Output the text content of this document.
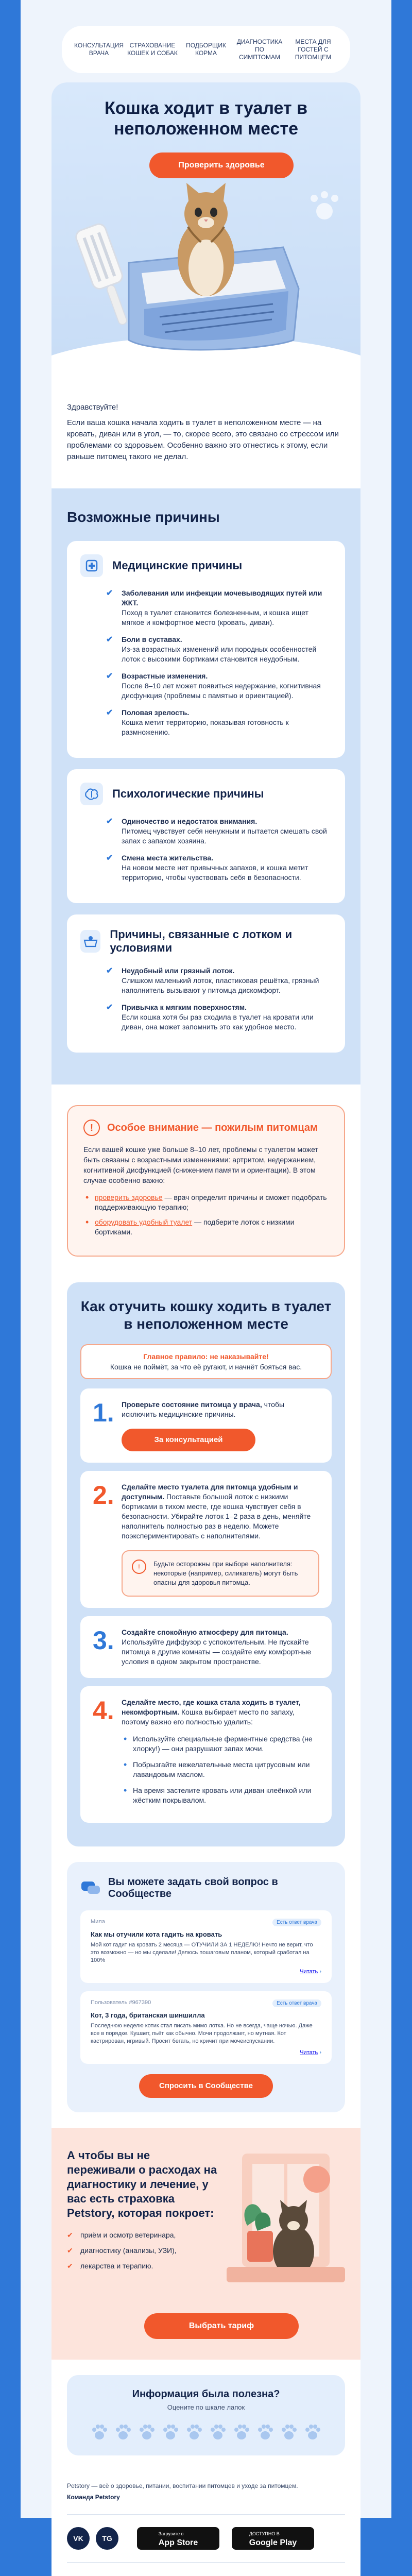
КОНСУЛЬТАЦИЯ ВРАЧА
СТРАХОВАНИЕ КОШЕК И СОБАК
ПОДБОРЩИК КОРМА
ДИАГНОСТИКА ПО СИМПТОМАМ
МЕСТА ДЛЯ ГОСТЕЙ С ПИТОМЦЕМ
Кошка ходит в туалет в неположенном месте
Проверить здоровье

Здравствуйте!

Если ваша кошка начала ходить в туалет в неположенном месте — на кровать, диван или в угол, — то, скорее всего, это связано со стрессом или проблемами со здоровьем. Особенно важно это отнестись к этому, если раньше питомец такого не делал.

Возможные причины
Медицинские причины
✔	Заболевания или инфекции мочевыводящих путей или ЖКТ.
Поход в туалет становится болезненным, и кошка ищет мягкое и комфортное место (кровать, диван).
✔	Боли в суставах.
Из-за возрастных изменений или породных особенностей лоток с высокими бортиками становится неудобным.
✔	Возрастные изменения.
После 8–10 лет может появиться недержание, когнитивная дисфункция (проблемы с памятью и ориентацией).
✔	Половая зрелость.
Кошка метит территорию, показывая готовность к размножению.
Психологические причины
✔	Одиночество и недостаток внимания.
Питомец чувствует себя ненужным и пытается смешать свой запах с запахом хозяина.
✔	Смена места жительства.
На новом месте нет привычных запахов, и кошка метит территорию, чтобы чувствовать себя в безопасности.
Причины, связанные с лотком и условиями
✔	Неудобный или грязный лоток.
Слишком маленький лоток, пластиковая решётка, грязный наполнитель вызывают у питомца дискомфорт.
✔	Привычка к мягким поверхностям.
Если кошка хотя бы раз сходила в туалет на кровати или диван, она может запомнить это как удобное место.
!	Особое внимание — пожилым питомцам

Если вашей кошке уже больше 8–10 лет, проблемы с туалетом может быть связаны с возрастными изменениями: артритом, недержанием, когнитивной дисфункцией (снижением памяти и ориентации). В этом случае особенно важно:

• проверить здоровье — врач определит причины и сможет подобрать поддерживающую терапию;
• оборудовать удобный туалет — подберите лоток с низкими бортиками.
Как отучить кошку ходить в туалет в неположенном месте
Главное правило: не наказывайте!
Кошка не поймёт, за что её ругают, и начнёт бояться вас.
1.	Проверьте состояние питомца у врача, чтобы исключить медицинские причины.
За консультацией
2.	Сделайте место туалета для питомца удобным и доступным. Поставьте большой лоток с низкими бортиками в тихом месте, где кошка чувствует себя в безопасности. Убирайте лоток 1–2 раза в день, меняйте наполнитель полностью раз в неделю. Можете поэкспериментировать с наполнителями.
!	Будьте осторожны при выборе наполнителя: некоторые (например, силикагель) могут быть опасны для здоровья питомца.
3.	Создайте спокойную атмосферу для питомца. Используйте диффузор с успокоительным. Не пускайте питомца в другие комнаты — создайте ему комфортные условия в одном закрытом пространстве.
4.	Сделайте место, где кошка стала ходить в туалет, некомфортным. Кошка выбирает место по запаху, поэтому важно его полностью удалить:
• Используйте специальные ферментные средства (не хлорку!) — они разрушают запах мочи.
• Побрызгайте нежелательные места цитрусовым или лавандовым маслом.
• На время застелите кровать или диван клеёнкой или жёстким покрывалом.
Вы можете задать свой вопрос в Сообществе
Мила	Есть ответ врача
Как мы отучили кота гадить на кровать

Мой кот гадит на кровать 2 месяца — ОТУЧИЛИ ЗА 1 НЕДЕЛЮ! Нечто не верит, что это возможно — но мы сделали! Делюсь пошаговым планом, который сработал на 100%

Читать ›
Пользователь #967390	Есть ответ врача
Кот, 3 года, британская шиншилла

Последнюю неделю котик стал писать мимо лотка. Но не всегда, чаще ночью. Даже все в порядке. Кушает, пьёт как обычно. Мочи продолжает, но мутная. Кот кастрирован, игривый. Просит бегать, но кричит при мочеиспускании.

Читать ›
Спросить в Сообществе
А чтобы вы не переживали о расходах на диагностику и лечение, у вас есть страховка Petstory, которая покроет:
✔ приём и осмотр ветеринара,
✔ диагностику (анализы, УЗИ),
✔ лекарства и терапию.
Выбрать тариф
Информация была полезна?
Оцените по шкале лапок
Petstory — всё о здоровье, питании, воспитании питомцев и уходе за питомцем.
Команда Petstory
VK	TG
Загрузите в
App Store
ДОСТУПНО В
Google Play
